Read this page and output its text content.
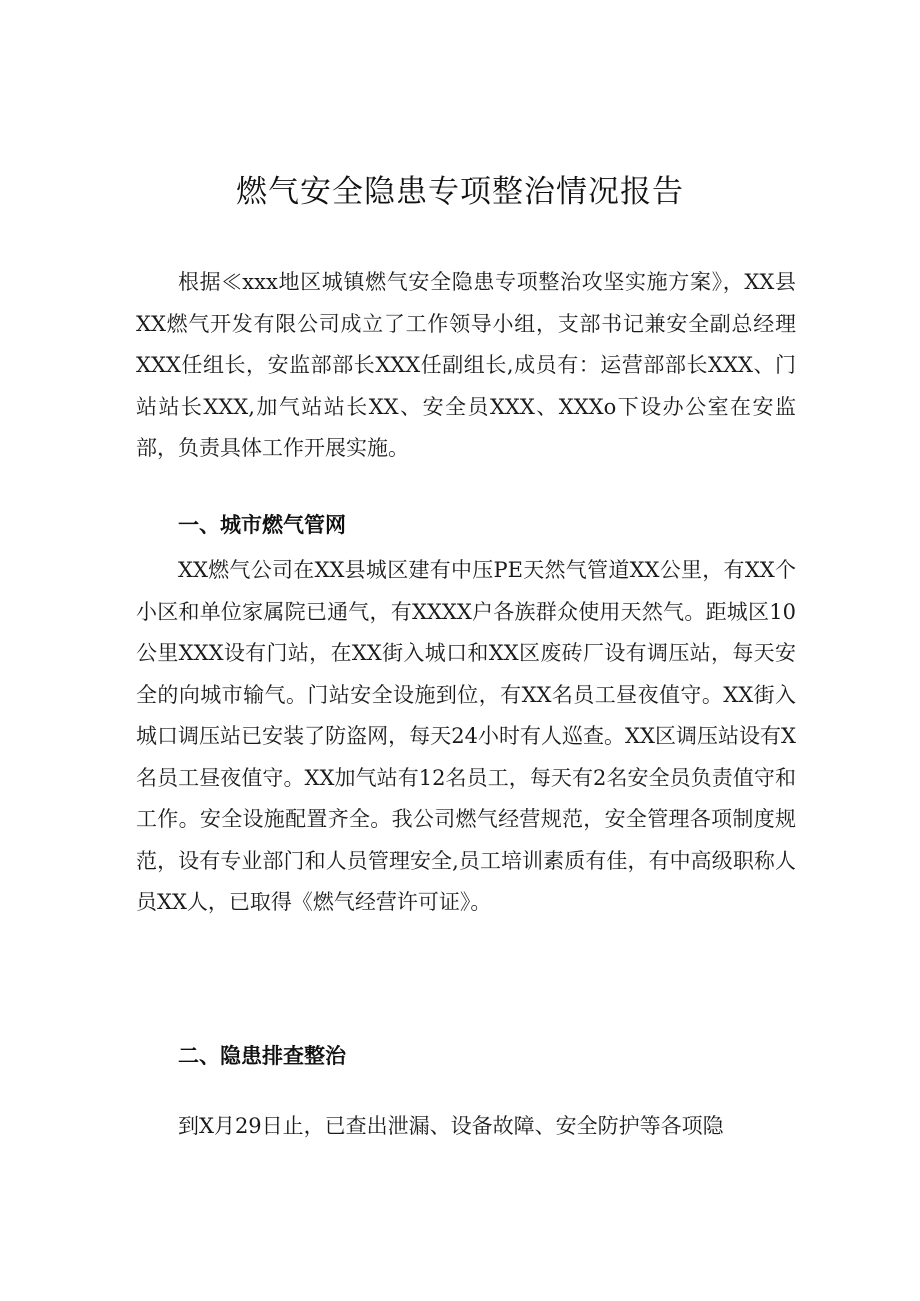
燃气安全隐患专项整治情况报告

根据≪xxx地区城镇燃气安全隐患专项整治攻坚实施方案》，XX县XX燃气开发有限公司成立了工作领导小组，支部书记兼安全副总经理XXX任组长，安监部部长XXX任副组长,成员有：运营部部长XXX、门站站长XXX,加气站站长XX、安全员XXX、XXXo下设办公室在安监部，负责具体工作开展实施。

一、城市燃气管网

XX燃气公司在XX县城区建有中压PE天然气管道XX公里，有XX个小区和单位家属院已通气，有XXXX户各族群众使用天然气。距城区10公里XXX设有门站，在XX街入城口和XX区废砖厂设有调压站，每天安全的向城市输气。门站安全设施到位，有XX名员工昼夜值守。XX街入城口调压站已安装了防盗网，每天24小时有人巡查。XX区调压站设有X名员工昼夜值守。XX加气站有12名员工，每天有2名安全员负责值守和工作。安全设施配置齐全。我公司燃气经营规范，安全管理各项制度规范，设有专业部门和人员管理安全,员工培训素质有佳，有中高级职称人员XX人，已取得《燃气经营许可证》。

二、隐患排查整治

到X月29日止，已查出泄漏、设备故障、安全防护等各项隐
